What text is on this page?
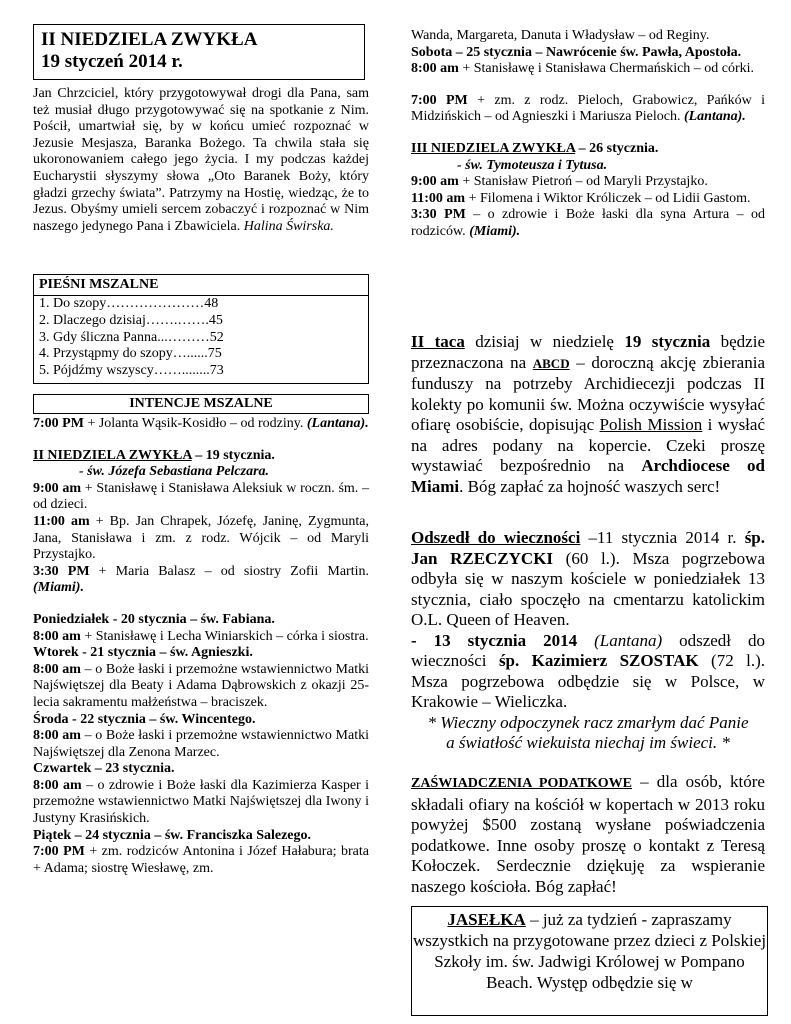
II NIEDZIELA ZWYKŁA
19 styczeń 2014 r.

Jan Chrzciciel, który przygotowywał drogi dla Pana, sam też musiał długo przygotowywać się na spotkanie z Nim. Pościł, umartwiał się, by w końcu umieć rozpoznać w Jezusie Mesjasza, Baranka Bożego. Ta chwila stała się ukoronowaniem całego jego życia. I my podczas każdej Eucharystii słyszymy słowa „Oto Baranek Boży, który gładzi grzechy świata”. Patrzymy na Hostię, wiedząc, że to Jezus. Obyśmy umieli sercem zobaczyć i rozpoznać w Nim naszego jedynego Pana i Zbawiciela. Halina Świrska.

PIEŚNI MSZALNE
1. Do szopy…………………48
2. Dlaczego dzisiaj…….…….45
3. Gdy śliczna Panna...………52
4. Przystąpmy do szopy…......75
5. Pójdźmy wszyscy……........73
INTENCJE MSZALNE

7:00 PM + Jolanta Wąsik-Kosidło – od rodziny. (Lantana).

II NIEDZIELA ZWYKŁA – 19 stycznia.

- św. Józefa Sebastiana Pelczara.

9:00 am + Stanisławę i Stanisława Aleksiuk w roczn. śm. – od dzieci.

11:00 am + Bp. Jan Chrapek, Józefę, Janinę, Zygmunta, Jana, Stanisława i zm. z rodz. Wójcik – od Maryli Przystajko.

3:30 PM + Maria Balasz – od siostry Zofii Martin. (Miami).

Poniedziałek - 20 stycznia – św. Fabiana.

8:00 am + Stanisławę i Lecha Winiarskich – córka i siostra.

Wtorek - 21 stycznia – św. Agnieszki.

8:00 am – o Boże łaski i przemożne wstawiennictwo Matki Najświętszej dla Beaty i Adama Dąbrowskich z okazji 25-lecia sakramentu małżeństwa – braciszek.

Środa - 22 stycznia – św. Wincentego.

8:00 am – o Boże łaski i przemożne wstawiennictwo Matki Najświętszej dla Zenona Marzec.

Czwartek – 23 stycznia.

8:00 am – o zdrowie i Boże łaski dla Kazimierza Kasper i przemożne wstawiennictwo Matki Najświętszej dla Iwony i Justyny Krasińskich.

Piątek – 24 stycznia – św. Franciszka Salezego.

7:00 PM + zm. rodziców Antonina i Józef Hałabura; brata + Adama; siostrę Wiesławę, zm.

Wanda, Margareta, Danuta i Władysław – od Reginy.

Sobota – 25 stycznia – Nawrócenie św. Pawła, Apostoła.

8:00 am + Stanisławę i Stanisława Chermańskich – od córki.

7:00 PM + zm. z rodz. Pieloch, Grabowicz, Pańków i Midzińskich – od Agnieszki i Mariusza Pieloch. (Lantana).

III NIEDZIELA ZWYKŁA – 26 stycznia.

- św. Tymoteusza i Tytusa.

9:00 am + Stanisław Pietroń – od Maryli Przystajko.

11:00 am + Filomena i Wiktor Króliczek – od Lidii Gastom.

3:30 PM – o zdrowie i Boże łaski dla syna Artura – od rodziców. (Miami).

II taca dzisiaj w niedzielę 19 stycznia będzie przeznaczona na ABCD – doroczną akcję zbierania funduszy na potrzeby Archidiecezji podczas II kolekty po komunii św. Można oczywiście wysyłać ofiarę osobiście, dopisując Polish Mission i wysłać na adres podany na kopercie. Czeki proszę wystawiać bezpośrednio na Archdiocese od Miami. Bóg zapłać za hojność waszych serc!

Odszedł do wieczności –11 stycznia 2014 r. śp. Jan RZECZYCKI (60 l.). Msza pogrzebowa odbyła się w naszym kościele w poniedziałek 13 stycznia, ciało spoczęło na cmentarzu katolickim O.L. Queen of Heaven.

- 13 stycznia 2014 (Lantana) odszedł do wieczności śp. Kazimierz SZOSTAK (72 l.). Msza pogrzebowa odbędzie się w Polsce, w Krakowie – Wieliczka.

* Wieczny odpoczynek racz zmarłym dać Panie

a światłość wiekuista niechaj im świeci. *

ZAŚWIADCZENIA PODATKOWE – dla osób, które składali ofiary na kościół w kopertach w 2013 roku powyżej $500 zostaną wysłane poświadczenia podatkowe. Inne osoby proszę o kontakt z Teresą Kołoczek. Serdecznie dziękuję za wspieranie naszego kościoła. Bóg zapłać!

JASEŁKA – już za tydzień - zapraszamy wszystkich na przygotowane przez dzieci z Polskiej Szkoły im. św. Jadwigi Królowej w Pompano Beach. Występ odbędzie się w
